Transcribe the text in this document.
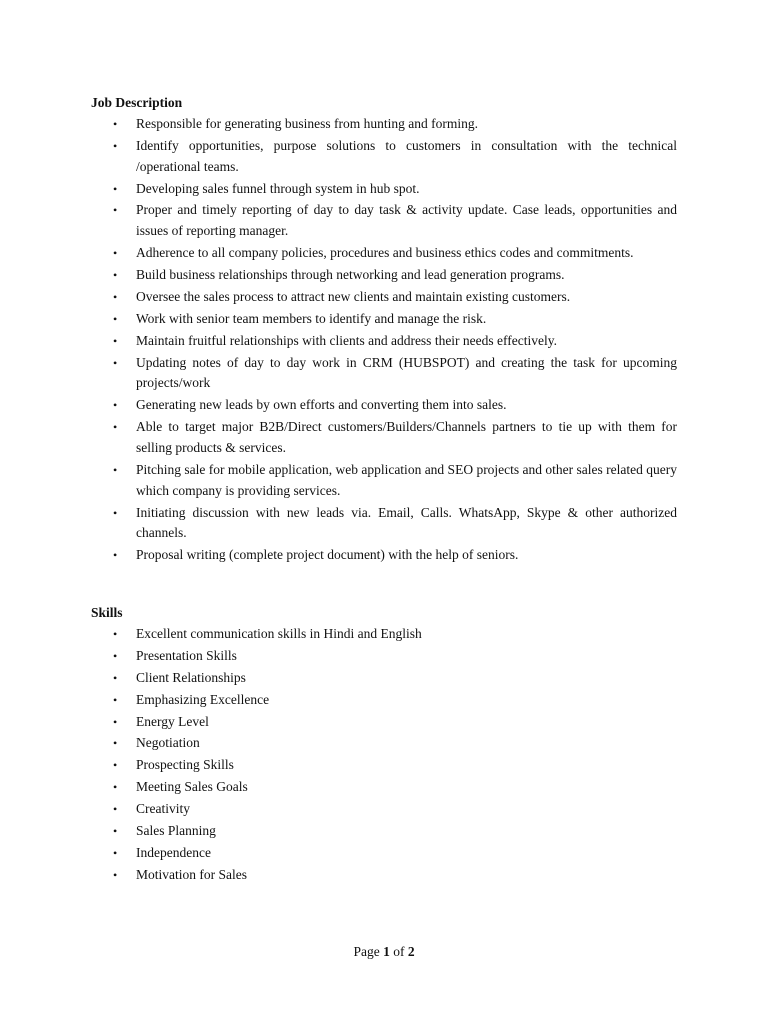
Job Description
• Responsible for generating business from hunting and forming.
• Identify opportunities, purpose solutions to customers in consultation with the technical /operational teams.
• Developing sales funnel through system in hub spot.
• Proper and timely reporting of day to day task & activity update. Case leads, opportunities and issues of reporting manager.
• Adherence to all company policies, procedures and business ethics codes and commitments.
• Build business relationships through networking and lead generation programs.
• Oversee the sales process to attract new clients and maintain existing customers.
• Work with senior team members to identify and manage the risk.
• Maintain fruitful relationships with clients and address their needs effectively.
• Updating notes of day to day work in CRM (HUBSPOT) and creating the task for upcoming projects/work
• Generating new leads by own efforts and converting them into sales.
• Able to target major B2B/Direct customers/Builders/Channels partners to tie up with them for selling products & services.
• Pitching sale for mobile application, web application and SEO projects and other sales related query which company is providing services.
• Initiating discussion with new leads via. Email, Calls. WhatsApp, Skype & other authorized channels.
• Proposal writing (complete project document) with the help of seniors.
Skills
• Excellent communication skills in Hindi and English
• Presentation Skills
• Client Relationships
• Emphasizing Excellence
• Energy Level
• Negotiation
• Prospecting Skills
• Meeting Sales Goals
• Creativity
• Sales Planning
• Independence
• Motivation for Sales
Page 1 of 2
